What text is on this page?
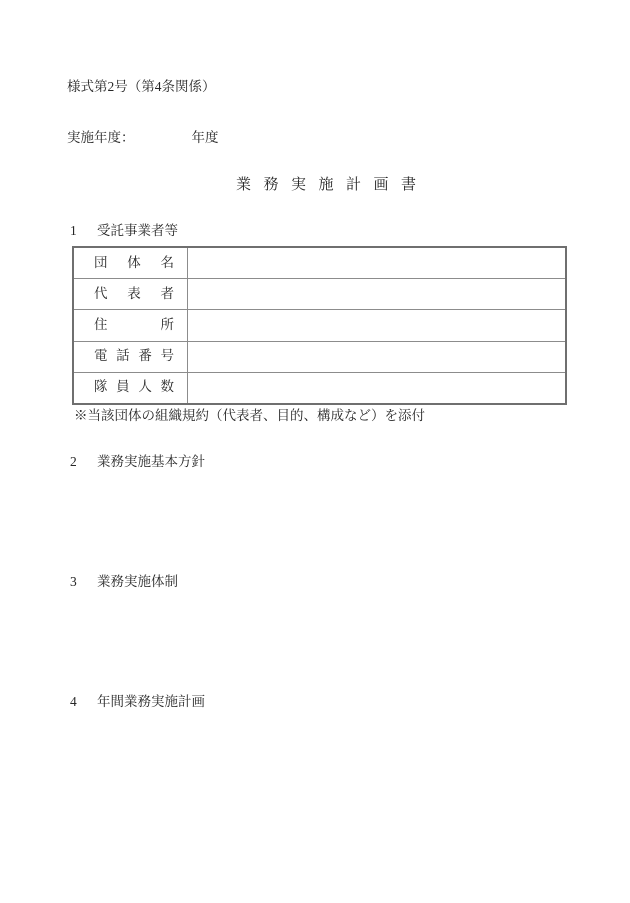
様式第2号（第4条関係）
実施年度：	年度
業務実施計画書
1	受託事業者等
団体名
代表者
住所
電話番号
隊員人数
※当該団体の組織規約（代表者、目的、構成など）を添付
2	業務実施基本方針
3	業務実施体制
4	年間業務実施計画
